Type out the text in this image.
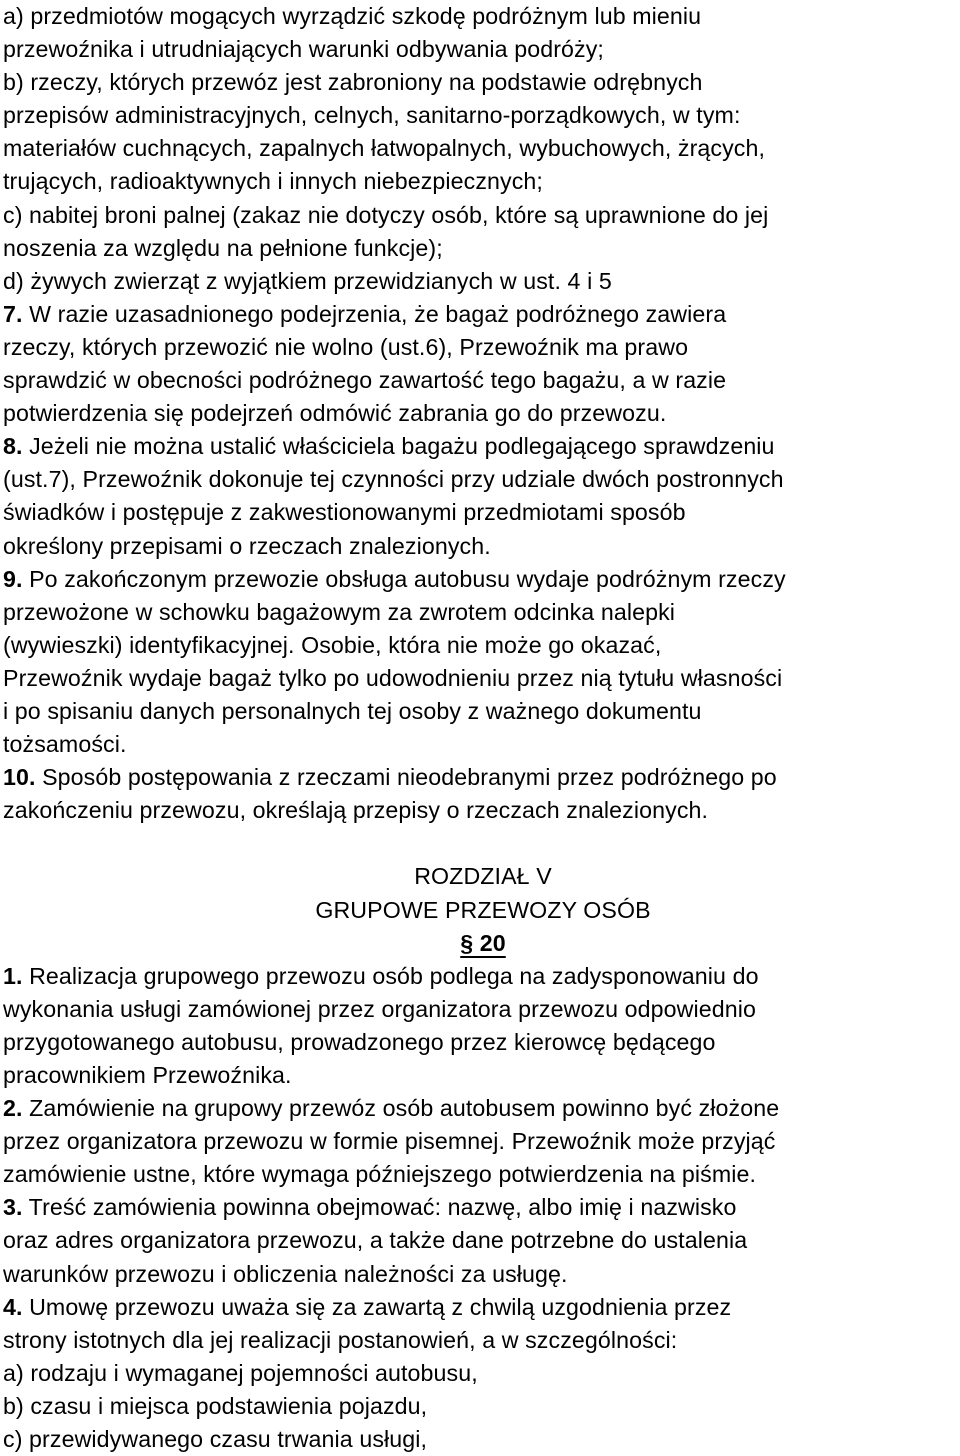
a) przedmiotów mogących wyrządzić szkodę podróżnym lub mieniu
przewoźnika i utrudniających warunki odbywania podróży;
b) rzeczy, których przewóz jest zabroniony na podstawie odrębnych
przepisów administracyjnych, celnych, sanitarno-porządkowych, w tym:
materiałów cuchnących, zapalnych łatwopalnych, wybuchowych, żrących,
trujących, radioaktywnych i innych niebezpiecznych;
c) nabitej broni palnej (zakaz nie dotyczy osób, które są uprawnione do jej
noszenia za względu na pełnione funkcje);
d) żywych zwierząt z wyjątkiem przewidzianych w ust. 4 i 5
7. W razie uzasadnionego podejrzenia, że bagaż podróżnego zawiera
rzeczy, których przewozić nie wolno (ust.6), Przewoźnik ma prawo
sprawdzić w obecności podróżnego zawartość tego bagażu, a w razie
potwierdzenia się podejrzeń odmówić zabrania go do przewozu.
8. Jeżeli nie można ustalić właściciela bagażu podlegającego sprawdzeniu
(ust.7), Przewoźnik dokonuje tej czynności przy udziale dwóch postronnych
świadków i postępuje z zakwestionowanymi przedmiotami sposób
określony przepisami o rzeczach znalezionych.
9. Po zakończonym przewozie obsługa autobusu wydaje podróżnym rzeczy
przewożone w schowku bagażowym za zwrotem odcinka nalepki
(wywieszki) identyfikacyjnej. Osobie, która nie może go okazać,
Przewoźnik wydaje bagaż tylko po udowodnieniu przez nią tytułu własności
i po spisaniu danych personalnych tej osoby z ważnego dokumentu
tożsamości.
10. Sposób postępowania z rzeczami nieodebranymi przez podróżnego po
zakończeniu przewozu, określają przepisy o rzeczach znalezionych.
ROZDZIAŁ V
GRUPOWE PRZEWOZY OSÓB
§ 20
1. Realizacja grupowego przewozu osób podlega na zadysponowaniu do
wykonania usługi zamówionej przez organizatora przewozu odpowiednio
przygotowanego autobusu, prowadzonego przez kierowcę będącego
pracownikiem Przewoźnika.
2. Zamówienie na grupowy przewóz osób autobusem powinno być złożone
przez organizatora przewozu w formie pisemnej. Przewoźnik może przyjąć
zamówienie ustne, które wymaga późniejszego potwierdzenia na piśmie.
3. Treść zamówienia powinna obejmować: nazwę, albo imię i nazwisko
oraz adres organizatora przewozu, a także dane potrzebne do ustalenia
warunków przewozu i obliczenia należności za usługę.
4. Umowę przewozu uważa się za zawartą z chwilą uzgodnienia przez
strony istotnych dla jej realizacji postanowień, a w szczególności:
a) rodzaju i wymaganej pojemności autobusu,
b) czasu i miejsca podstawienia pojazdu,
c) przewidywanego czasu trwania usługi,
